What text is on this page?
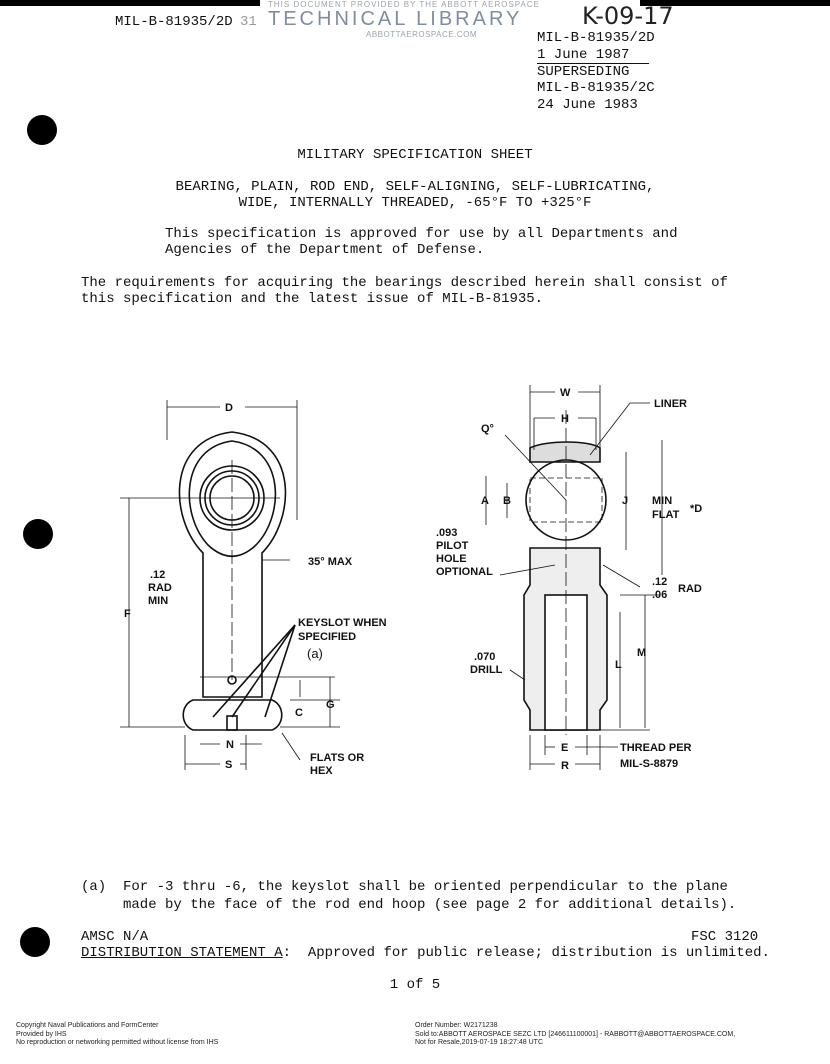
THIS DOCUMENT PROVIDED BY THE ABBOTT AEROSPACE
TECHNICAL LIBRARY
ABBOTTAEROSPACE.COM
MIL-B-81935/2D 31	K-09-17
MIL-B-81935/2D
1 June 1987
SUPERSEDING
MIL-B-81935/2C
24 June 1983
MILITARY SPECIFICATION SHEET
BEARING, PLAIN, ROD END, SELF-ALIGNING, SELF-LUBRICATING,
WIDE, INTERNALLY THREADED, -65°F TO +325°F
This specification is approved for use by all Departments and
Agencies of the Department of Defense.
The requirements for acquiring the bearings described herein shall consist of
this specification and the latest issue of MIL-B-81935.
D
F
.12
RAD
MIN
35° MAX
KEYSLOT WHEN
SPECIFIED
(a)
C
G
N
S
FLATS OR
HEX
W
H
Q°
LINER
A B	J MIN
FLAT *D
.093
PILOT
HOLE
OPTIONAL
.12
.06 RAD
.070
DRILL	L
M
E
R
THREAD PER
MIL-S-8879
(a)  For -3 thru -6, the keyslot shall be oriented perpendicular to the plane
made by the face of the rod end hoop (see page 2 for additional details).
AMSC N/A	FSC 3120
DISTRIBUTION STATEMENT A:  Approved for public release; distribution is unlimited.
1 of 5
Copyright Naval Publications and FormCenter
Provided by IHS
No reproduction or networking permitted without license from IHS
Order Number: W2171238
Sold to:ABBOTT AEROSPACE SEZC LTD [246611100001] - RABBOTT@ABBOTTAEROSPACE.COM,
Not for Resale,2019-07-19 18:27:48 UTC
